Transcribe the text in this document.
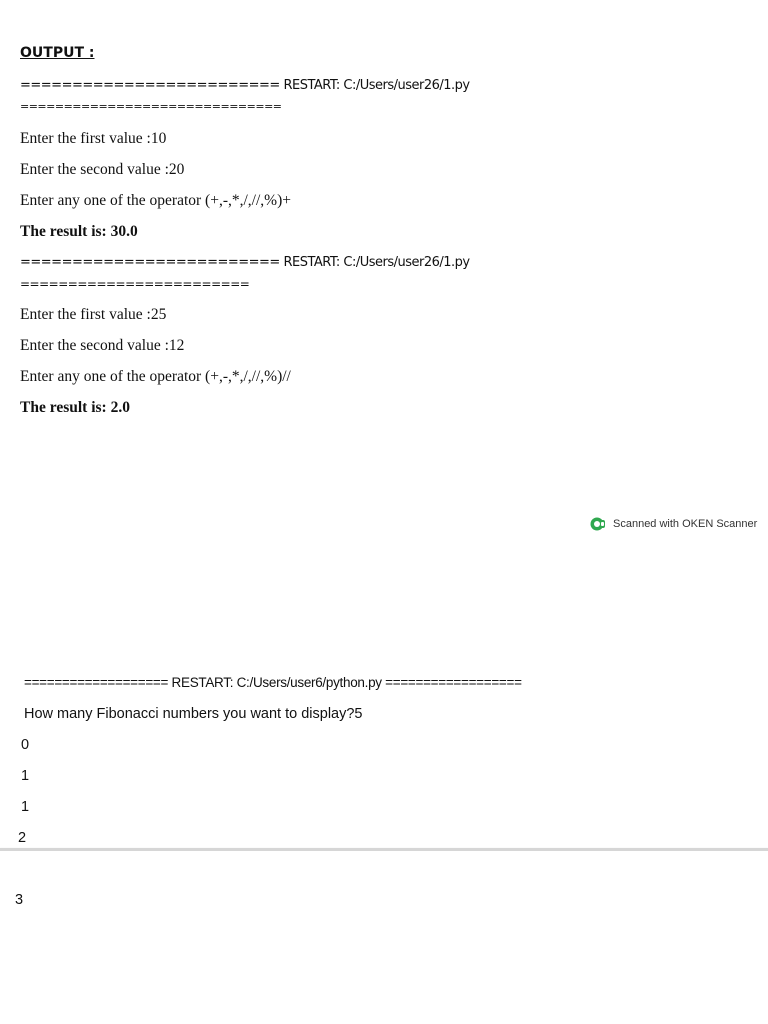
OUTPUT :
========================= RESTART: C:/Users/user26/1.py
==============================
Enter the first value :10
Enter the second value :20
Enter any one of the operator (+,-,*,/,//,%)+
The result is: 30.0
========================= RESTART: C:/Users/user26/1.py
========================
Enter the first value :25
Enter the second value :12
Enter any one of the operator (+,-,*,/,//,%)//
The result is: 2.0
Scanned with OKEN Scanner
=================== RESTART: C:/Users/user6/python.py ==================
How many Fibonacci numbers you want to display?5
0
1
1
2
3
